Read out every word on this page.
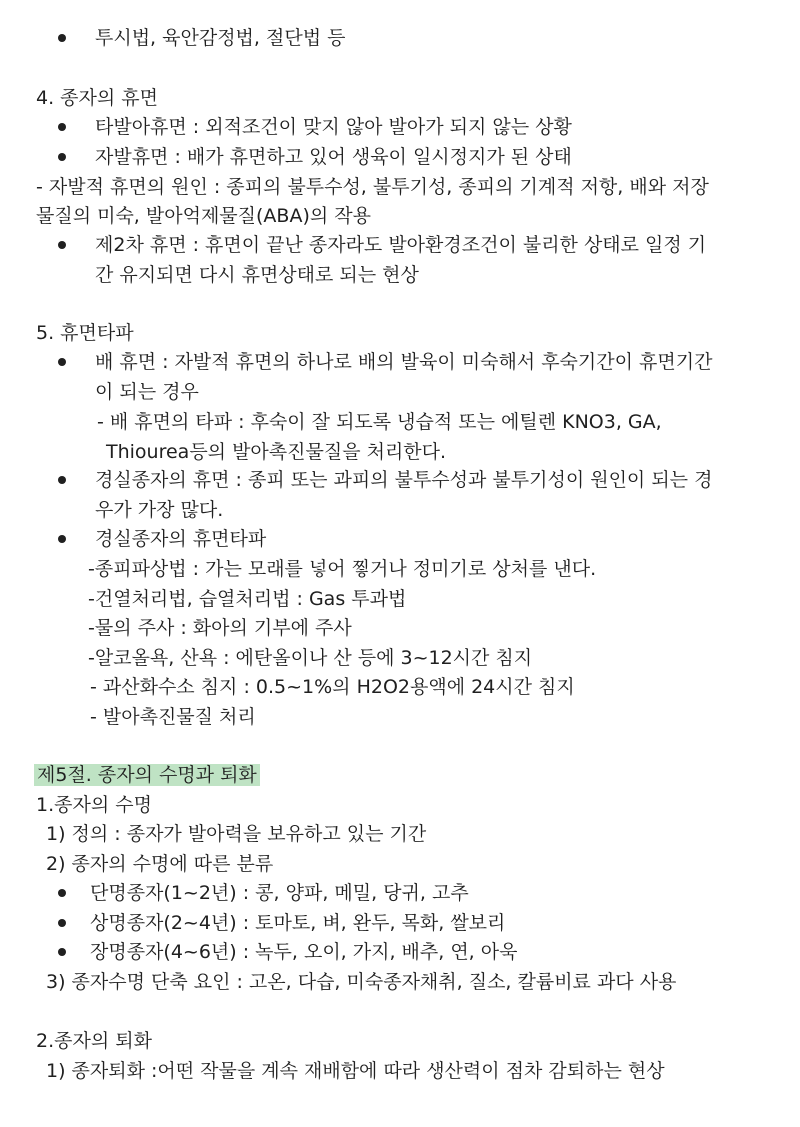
투시법, 육안감정법, 절단법 등
4. 종자의 휴면
타발아휴면 : 외적조건이 맞지 않아 발아가 되지 않는 상황
자발휴면 : 배가 휴면하고 있어 생육이 일시정지가 된 상태
- 자발적 휴면의 원인 : 종피의 불투수성, 불투기성, 종피의 기계적 저항, 배와 저장
물질의 미숙, 발아억제물질(ABA)의 작용
제2차 휴면 : 휴면이 끝난 종자라도 발아환경조건이 불리한 상태로 일정 기
간 유지되면 다시 휴면상태로 되는 현상
5. 휴면타파
배 휴면 : 자발적 휴면의 하나로 배의 발육이 미숙해서 후숙기간이 휴면기간
이 되는 경우
- 배 휴면의 타파 : 후숙이 잘 되도록 냉습적 또는 에틸렌 KNO3, GA,
Thiourea등의 발아촉진물질을 처리한다.
경실종자의 휴면 : 종피 또는 과피의 불투수성과 불투기성이 원인이 되는 경
우가 가장 많다.
경실종자의 휴면타파
-종피파상법 : 가는 모래를 넣어 찧거나 정미기로 상처를 낸다.
-건열처리법, 습열처리법 : Gas 투과법
-물의 주사 : 화아의 기부에 주사
-알코올욕, 산욕 : 에탄올이나 산 등에 3~12시간 침지
- 과산화수소 침지 : 0.5~1%의 H2O2용액에 24시간 침지
- 발아촉진물질 처리
제5절. 종자의 수명과 퇴화
1.종자의 수명
1) 정의 : 종자가 발아력을 보유하고 있는 기간
2) 종자의 수명에 따른 분류
단명종자(1~2년) : 콩, 양파, 메밀, 당귀, 고추
상명종자(2~4년) : 토마토, 벼, 완두, 목화, 쌀보리
장명종자(4~6년) : 녹두, 오이, 가지, 배추, 연, 아욱
3) 종자수명 단축 요인 : 고온, 다습, 미숙종자채취, 질소, 칼륨비료 과다 사용
2.종자의 퇴화
1) 종자퇴화 :어떤 작물을 계속 재배함에 따라 생산력이 점차 감퇴하는 현상
